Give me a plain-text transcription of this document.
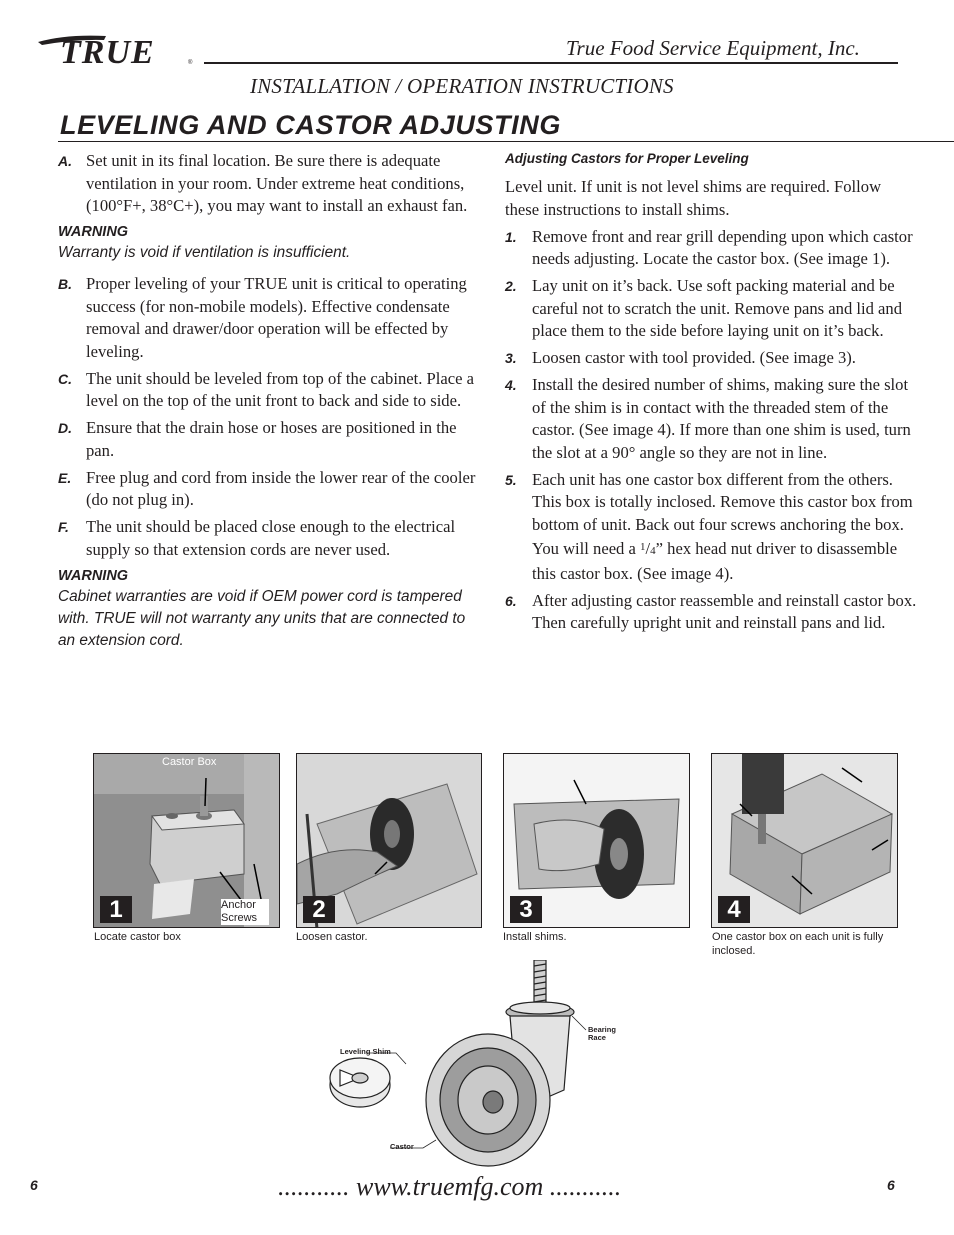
TRUE	®
True Food Service Equipment, Inc.
INSTALLATION / OPERATION INSTRUCTIONS
LEVELING AND CASTOR ADJUSTING
A. Set unit in its final location. Be sure there is adequate ventilation in your room. Under extreme heat conditions, (100°F+, 38°C+), you may want to install an exhaust fan.
WARNING
Warranty is void if ventilation is insufficient.
B. Proper leveling of your TRUE unit is critical to operating success (for non-mobile models). Effective condensate removal and drawer/door operation will be effected by leveling.
C. The unit should be leveled from top of the cabinet. Place a level on the top of the unit front to back and side to side.
D. Ensure that the drain hose or hoses are positioned in the pan.
E. Free plug and cord from inside the lower rear of the cooler (do not plug in).
F.	The unit should be placed close enough to the electrical supply so that extension cords are never used.
WARNING
Cabinet warranties are void if OEM power cord is tampered with. TRUE will not warranty any units that are connected to an extension cord.
Adjusting Castors for Proper Leveling
Level unit. If unit is not level shims are required. Follow these instructions to install shims.
1. Remove front and rear grill depending upon which castor needs adjusting. Locate the castor box. (See image 1).
2. Lay unit on it’s back. Use soft packing material and be careful not to scratch the unit. Remove pans and lid and place them to the side before laying unit on it’s back.
3. Loosen castor with tool provided. (See image 3).
4. Install the desired number of shims, making sure the slot of the shim is in contact with the threaded stem of the castor. (See image 4). If more than one shim is used, turn the slot at a 90° angle so they are not in line.
5. Each unit has one castor box different from the others. This box is totally inclosed. Remove this castor box from bottom of unit. Back out four screws anchoring the box. You will need a $^1$/4” hex head nut driver to disassemble this castor box. (See image 4).
6. After adjusting castor reassemble and reinstall castor box. Then carefully upright unit and reinstall pans and lid.
Castor Box
Anchor Screws
1
Locate castor box
2
Loosen castor.
3
Install shims.
4
One castor box on each unit is fully inclosed.
Leveling Shim
Bearing Race
Castor
6	........... www.truemfg.com ...........	6
